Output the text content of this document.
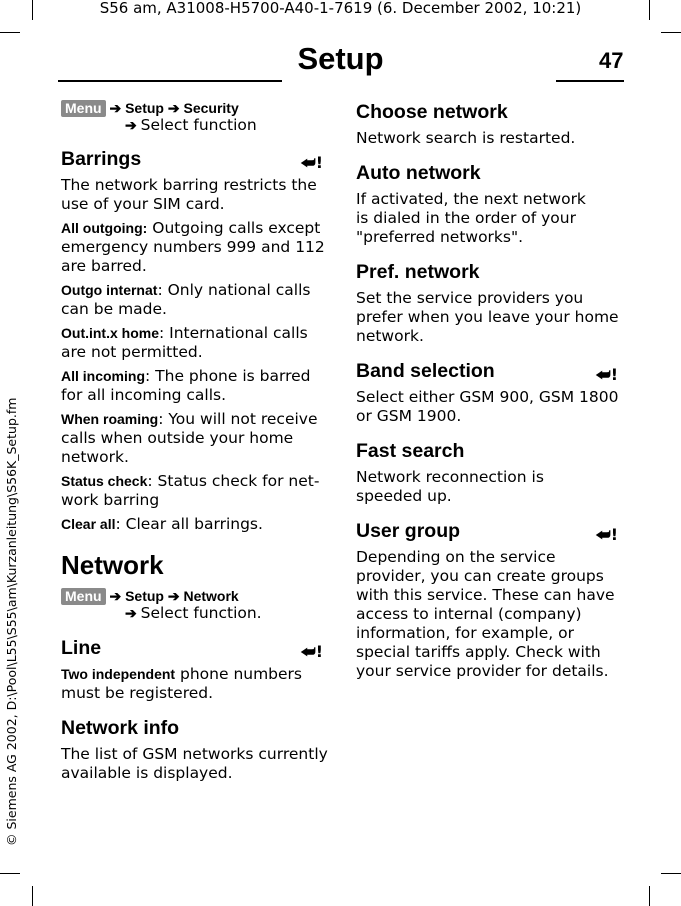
S56 am, A31008-H5700-A40-1-7619 (6. December 2002, 10:21)
© Siemens AG 2002, D:\Pool\L55\S55\am\Kurzanleitung\S56K_Setup.fm
Setup	47
Menu ➔ Setup ➔ Security
➔ Select function
Barrings	⮨!

The network barring restricts the use of your SIM card.

All outgoing: Outgoing calls except emergency numbers 999 and 112 are barred.

Outgo internat: Only national calls can be made.

Out.int.x home: International calls are not permitted.

All incoming: The phone is barred for all incoming calls.

When roaming: You will not receive calls when outside your home network.

Status check: Status check for net-work barring

Clear all: Clear all barrings.

Network
Menu ➔ Setup ➔ Network
➔ Select function.
Line	⮨!

Two independent phone numbers must be registered.

Network info

The list of GSM networks currently available is displayed.

Choose network

Network search is restarted.

Auto network

If activated, the next network is dialed in the order of your "preferred networks".

Pref. network

Set the service providers you prefer when you leave your home network.

Band selection	⮨!

Select either GSM 900, GSM 1800 or GSM 1900.

Fast search

Network reconnection is speeded up.

User group	⮨!

Depending on the service provider, you can create groups with this service. These can have access to internal (company) information, for example, or special tariffs apply. Check with your service provider for details.
